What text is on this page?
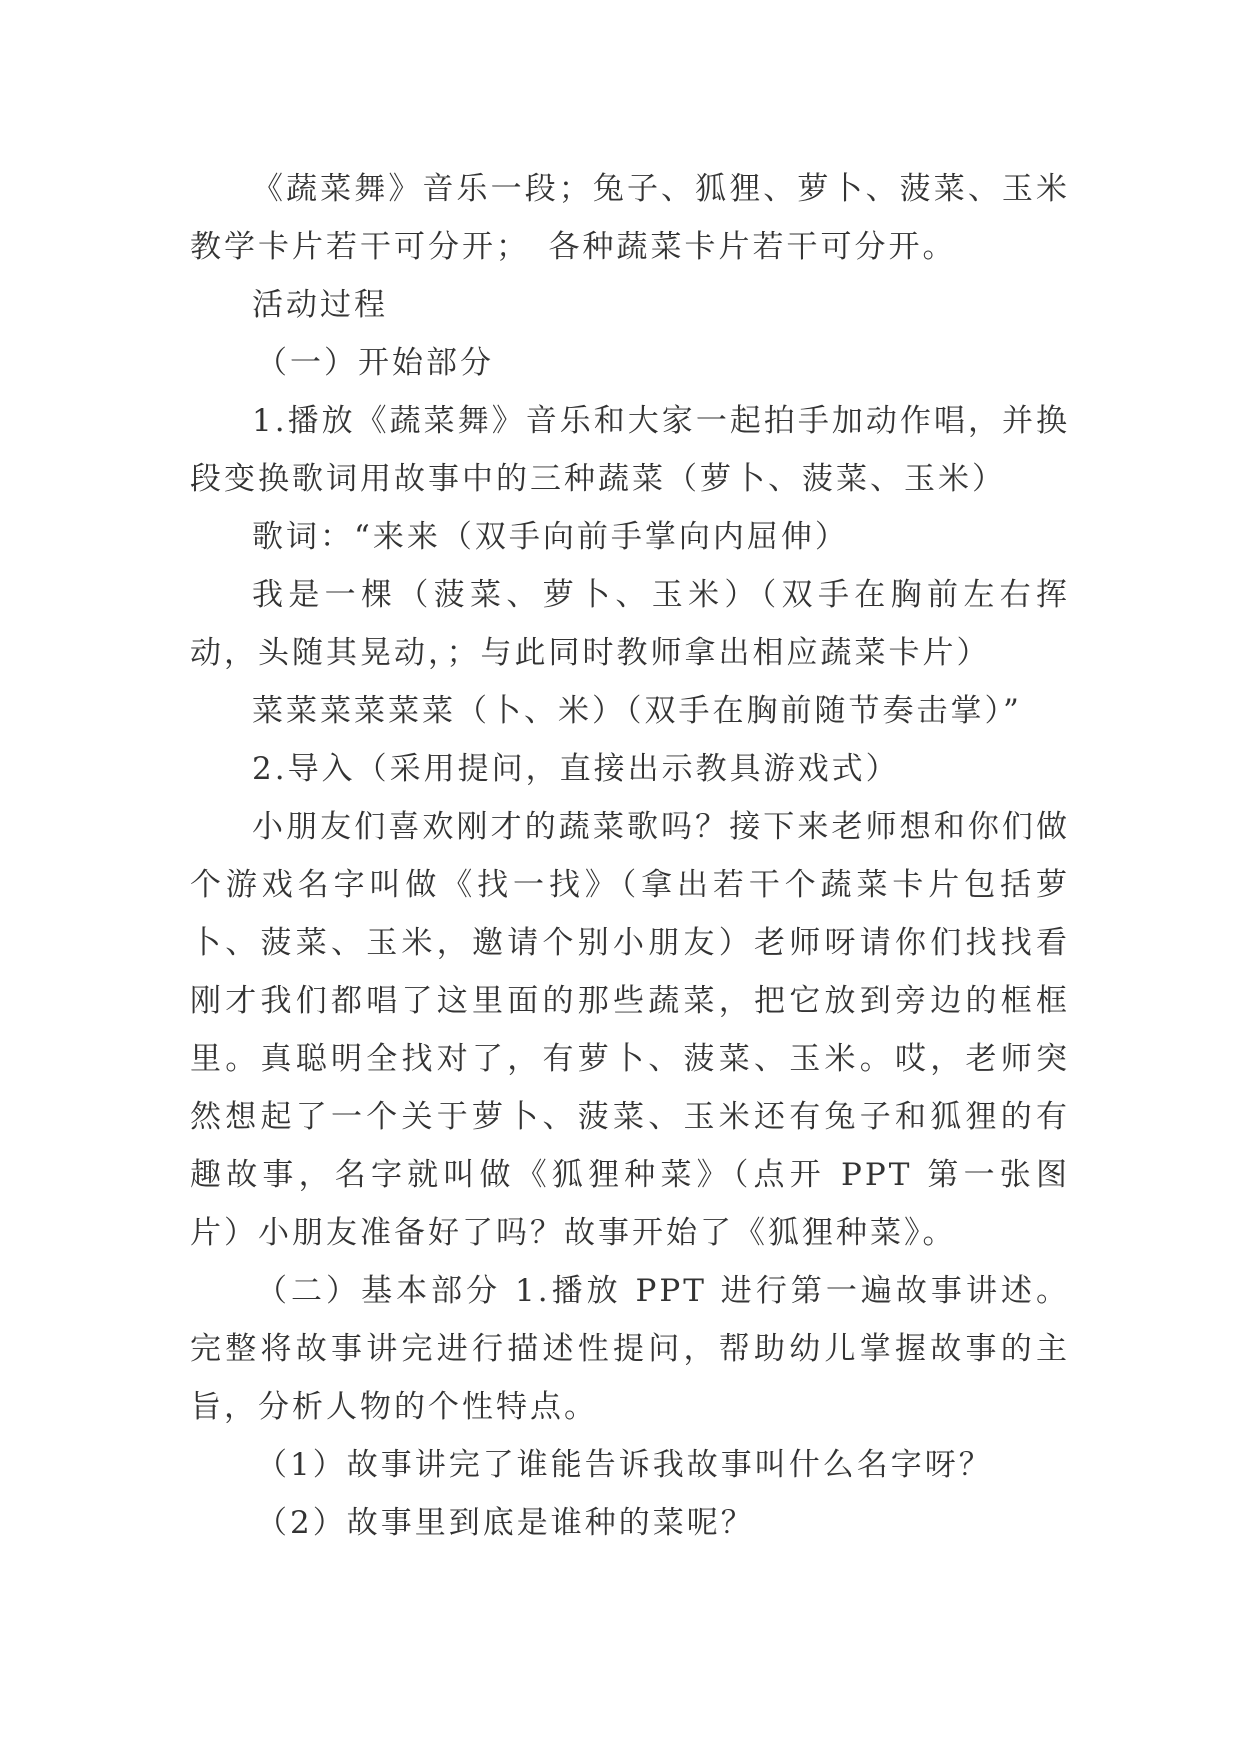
《蔬菜舞》音乐一段；兔子、狐狸、萝卜、菠菜、玉米教学卡片若干可分开；　各种蔬菜卡片若干可分开。

活动过程

（一）开始部分

1.播放《蔬菜舞》音乐和大家一起拍手加动作唱，并换段变换歌词用故事中的三种蔬菜（萝卜、菠菜、玉米）

歌词：“来来（双手向前手掌向内屈伸）

我是一棵（菠菜、萝卜、玉米）（双手在胸前左右挥动，头随其晃动，；与此同时教师拿出相应蔬菜卡片）

菜菜菜菜菜菜（卜、米）（双手在胸前随节奏击掌）”

2.导入（采用提问，直接出示教具游戏式）

小朋友们喜欢刚才的蔬菜歌吗？接下来老师想和你们做个游戏名字叫做《找一找》（拿出若干个蔬菜卡片包括萝卜、菠菜、玉米，邀请个别小朋友）老师呀请你们找找看刚才我们都唱了这里面的那些蔬菜，把它放到旁边的框框里。真聪明全找对了，有萝卜、菠菜、玉米。哎，老师突然想起了一个关于萝卜、菠菜、玉米还有兔子和狐狸的有趣故事，名字就叫做《狐狸种菜》（点开 PPT 第一张图片）小朋友准备好了吗？故事开始了《狐狸种菜》。

（二）基本部分 1.播放 PPT 进行第一遍故事讲述。完整将故事讲完进行描述性提问，帮助幼儿掌握故事的主旨，分析人物的个性特点。

（1）故事讲完了谁能告诉我故事叫什么名字呀？

（2）故事里到底是谁种的菜呢？
